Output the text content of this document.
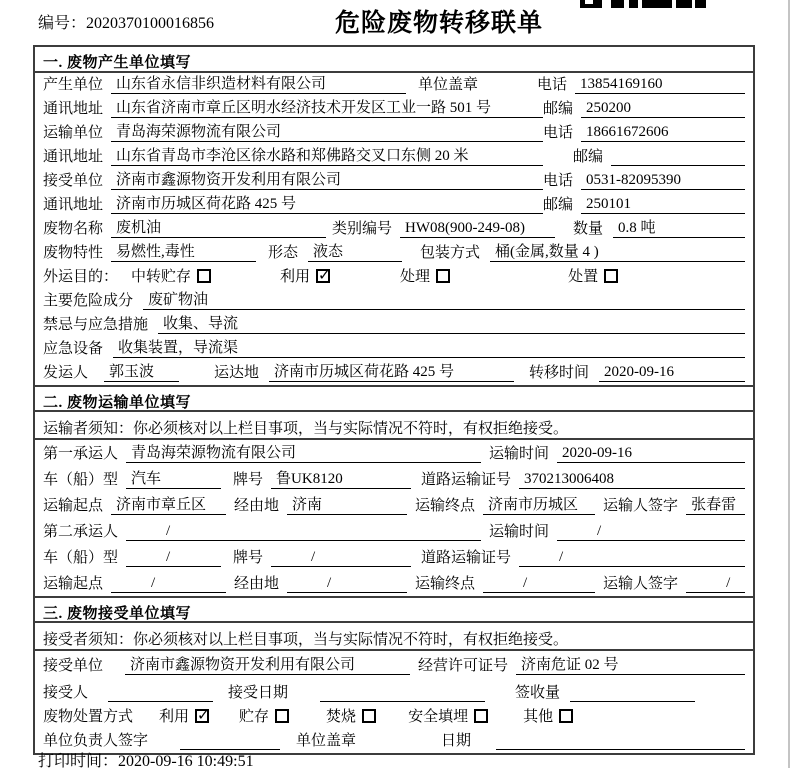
编号：2020370100016856	危险废物转移联单
一. 废物产生单位填写
产生单位 山东省永信非织造材料有限公司	单位盖章	电话 13854169160
通讯地址 山东省济南市章丘区明水经济技术开发区工业一路 501 号	邮编 250200
运输单位 青岛海荣源物流有限公司	电话 18661672606
通讯地址 山东省青岛市李沧区徐水路和郑佛路交叉口东侧 20 米	邮编
接受单位 济南市鑫源物资开发利用有限公司	电话 0531-82095390
通讯地址 济南市历城区荷花路 425 号	邮编 250101
废物名称 废机油	类别编号 HW08(900-249-08)	数量	0.8 吨
废物特性 易燃性,毒性	形态	液态	包装方式	桶(金属,数量 4 )
外运目的： 中转贮存	利用 ✓	处理	处置
主要危险成分	废矿物油
禁忌与应急措施	收集、导流
应急设备	收集装置，导流渠
发运人	郭玉波	运达地	济南市历城区荷花路 425 号	转移时间	2020-09-16
二. 废物运输单位填写
运输者须知：你必须核对以上栏目事项，当与实际情况不符时，有权拒绝接受。
第一承运人 青岛海荣源物流有限公司	运输时间 2020-09-16
车（船）型 汽车	牌号 鲁UK8120	道路运输证号 370213006408
运输起点 济南市章丘区	经由地 济南	运输终点 济南市历城区	运输人签字 张春雷
第二承运人	/	运输时间	/
车（船）型	/	牌号	/	道路运输证号	/
运输起点	/	经由地	/	运输终点	/	运输人签字	/
三. 废物接受单位填写
接受者须知：你必须核对以上栏目事项，当与实际情况不符时，有权拒绝接受。
接受单位	济南市鑫源物资开发利用有限公司	经营许可证号 济南危证 02 号
接受人	接受日期	签收量
废物处置方式 利用 ✓	贮存	焚烧	安全填埋	其他
单位负责人签字	单位盖章	日期
打印时间：2020-09-16 10:49:51
